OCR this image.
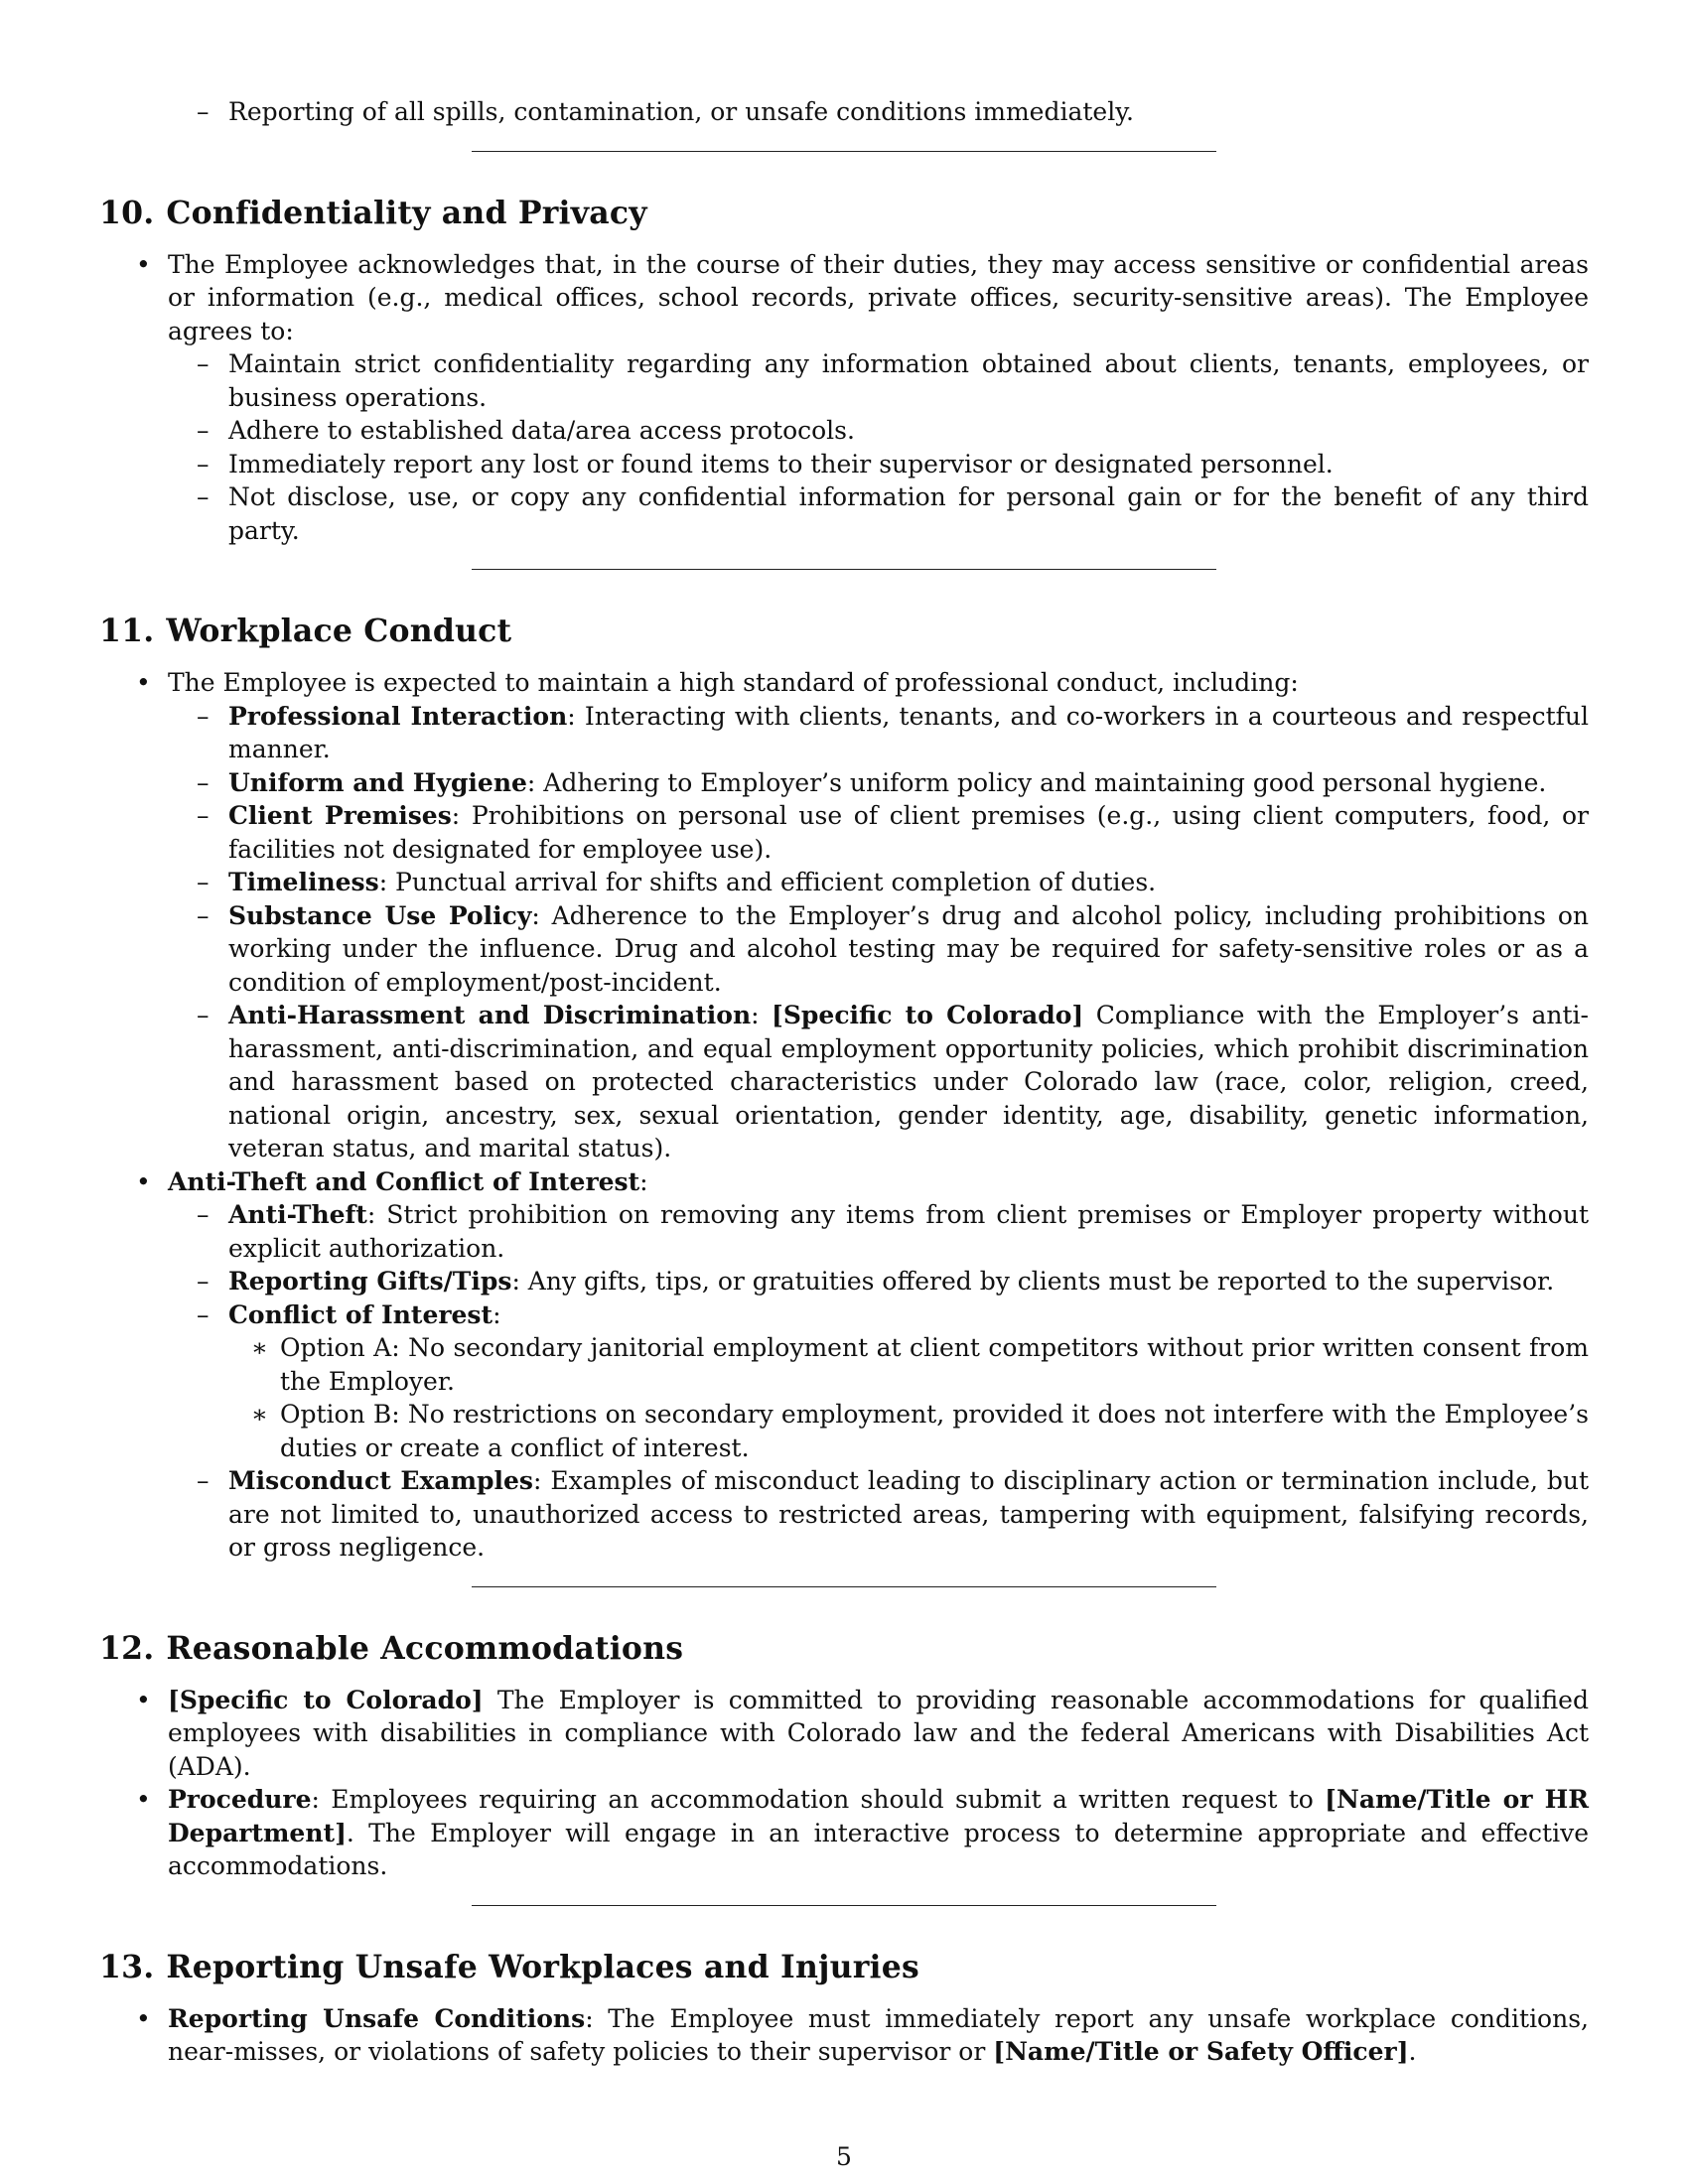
– Reporting of all spills, contamination, or unsafe conditions immediately.

10. Confidentiality and Privacy

• The Employee acknowledges that, in the course of their duties, they may access sensitive or confidential areas or information (e.g., medical offices, school records, private offices, security-sensitive areas). The Employee agrees to:

– Maintain strict confidentiality regarding any information obtained about clients, tenants, employees, or business operations.

– Adhere to established data/area access protocols.

– Immediately report any lost or found items to their supervisor or designated personnel.

– Not disclose, use, or copy any confidential information for personal gain or for the benefit of any third party.

11. Workplace Conduct

• The Employee is expected to maintain a high standard of professional conduct, including:

– Professional Interaction: Interacting with clients, tenants, and co-workers in a courteous and respectful manner.

– Uniform and Hygiene: Adhering to Employer’s uniform policy and maintaining good personal hygiene.

– Client Premises: Prohibitions on personal use of client premises (e.g., using client computers, food, or facilities not designated for employee use).

– Timeliness: Punctual arrival for shifts and efficient completion of duties.

– Substance Use Policy: Adherence to the Employer’s drug and alcohol policy, including prohibitions on working under the influence. Drug and alcohol testing may be required for safety-sensitive roles or as a condition of employment/post-incident.

– Anti-Harassment and Discrimination: [Specific to Colorado] Compliance with the Employer’s anti-harassment, anti-discrimination, and equal employment opportunity policies, which prohibit discrimination and harassment based on protected characteristics under Colorado law (race, color, religion, creed, national origin, ancestry, sex, sexual orientation, gender identity, age, disability, genetic information, veteran status, and marital status).

• Anti-Theft and Conflict of Interest:

– Anti-Theft: Strict prohibition on removing any items from client premises or Employer property without explicit authorization.

– Reporting Gifts/Tips: Any gifts, tips, or gratuities offered by clients must be reported to the supervisor.

– Conflict of Interest:

∗ Option A: No secondary janitorial employment at client competitors without prior written consent from the Employer.

∗ Option B: No restrictions on secondary employment, provided it does not interfere with the Employee’s duties or create a conflict of interest.

– Misconduct Examples: Examples of misconduct leading to disciplinary action or termination include, but are not limited to, unauthorized access to restricted areas, tampering with equipment, falsifying records, or gross negligence.

12. Reasonable Accommodations

• [Specific to Colorado] The Employer is committed to providing reasonable accommodations for qualified employees with disabilities in compliance with Colorado law and the federal Americans with Disabilities Act (ADA).

• Procedure: Employees requiring an accommodation should submit a written request to [Name/Title or HR Department]. The Employer will engage in an interactive process to determine appropriate and effective accommodations.

13. Reporting Unsafe Workplaces and Injuries

• Reporting Unsafe Conditions: The Employee must immediately report any unsafe workplace conditions, near-misses, or violations of safety policies to their supervisor or [Name/Title or Safety Officer].

5
